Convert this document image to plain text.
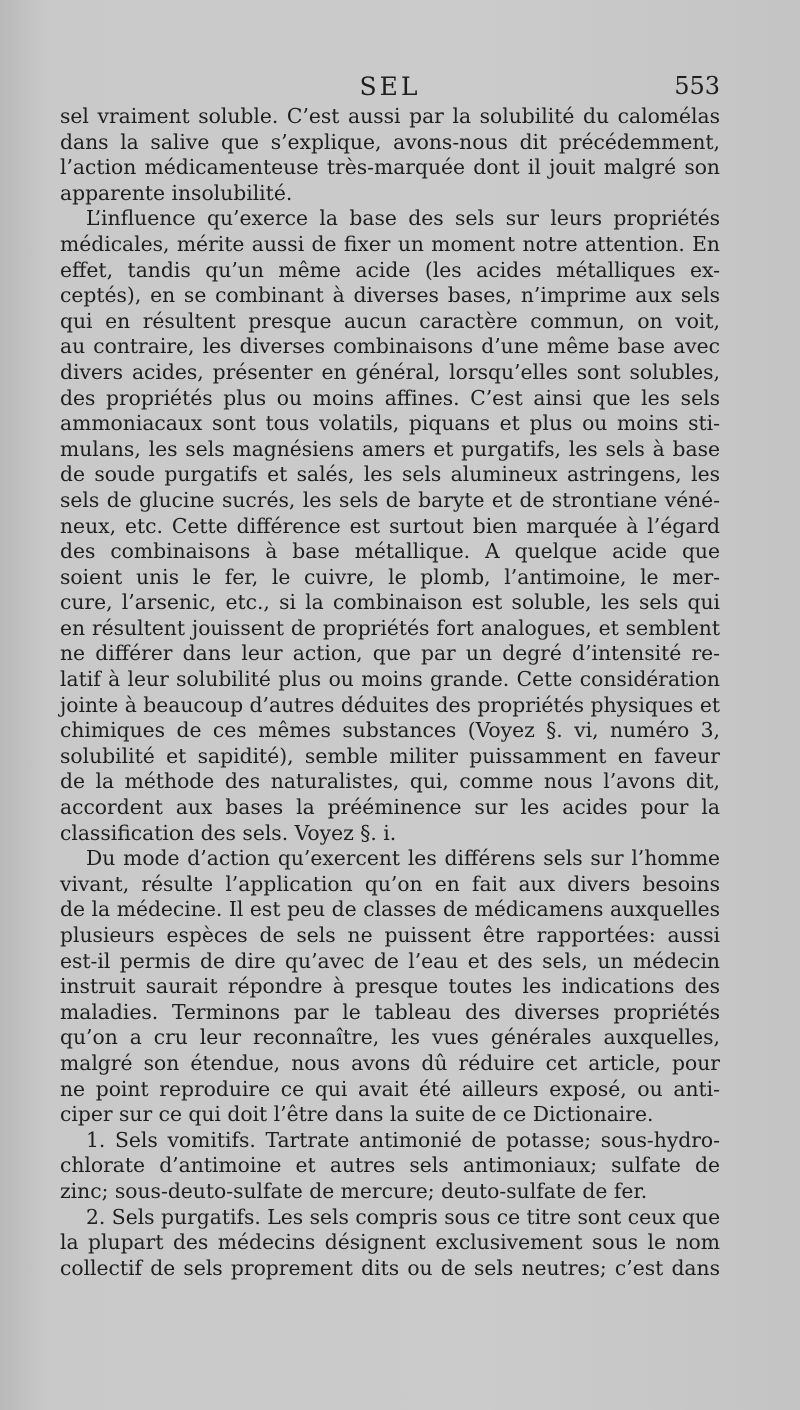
SEL	553
sel vraiment soluble. C’est aussi par la solubilité du calomélas
dans la salive que s’explique, avons-nous dit précédemment,
l’action médicamenteuse très-marquée dont il jouit malgré son
apparente insolubilité.
L’influence qu’exerce la base des sels sur leurs propriétés
médicales, mérite aussi de fixer un moment notre attention. En
effet, tandis qu’un même acide (les acides métalliques ex-
ceptés), en se combinant à diverses bases, n’imprime aux sels
qui en résultent presque aucun caractère commun, on voit,
au contraire, les diverses combinaisons d’une même base avec
divers acides, présenter en général, lorsqu’elles sont solubles,
des propriétés plus ou moins affines. C’est ainsi que les sels
ammoniacaux sont tous volatils, piquans et plus ou moins sti-
mulans, les sels magnésiens amers et purgatifs, les sels à base
de soude purgatifs et salés, les sels alumineux astringens, les
sels de glucine sucrés, les sels de baryte et de strontiane véné-
neux, etc. Cette différence est surtout bien marquée à l’égard
des combinaisons à base métallique. A quelque acide que
soient unis le fer, le cuivre, le plomb, l’antimoine, le mer-
cure, l’arsenic, etc., si la combinaison est soluble, les sels qui
en résultent jouissent de propriétés fort analogues, et semblent
ne différer dans leur action, que par un degré d’intensité re-
latif à leur solubilité plus ou moins grande. Cette considération
jointe à beaucoup d’autres déduites des propriétés physiques et
chimiques de ces mêmes substances (Voyez §. vi, numéro 3,
solubilité et sapidité), semble militer puissamment en faveur
de la méthode des naturalistes, qui, comme nous l’avons dit,
accordent aux bases la prééminence sur les acides pour la
classification des sels. Voyez §. i.
Du mode d’action qu’exercent les différens sels sur l’homme
vivant, résulte l’application qu’on en fait aux divers besoins
de la médecine. Il est peu de classes de médicamens auxquelles
plusieurs espèces de sels ne puissent être rapportées: aussi
est-il permis de dire qu’avec de l’eau et des sels, un médecin
instruit saurait répondre à presque toutes les indications des
maladies. Terminons par le tableau des diverses propriétés
qu’on a cru leur reconnaître, les vues générales auxquelles,
malgré son étendue, nous avons dû réduire cet article, pour
ne point reproduire ce qui avait été ailleurs exposé, ou anti-
ciper sur ce qui doit l’être dans la suite de ce Dictionaire.
1. Sels vomitifs. Tartrate antimonié de potasse; sous-hydro-
chlorate d’antimoine et autres sels antimoniaux; sulfate de
zinc; sous-deuto-sulfate de mercure; deuto-sulfate de fer.
2. Sels purgatifs. Les sels compris sous ce titre sont ceux que
la plupart des médecins désignent exclusivement sous le nom
collectif de sels proprement dits ou de sels neutres; c’est dans
